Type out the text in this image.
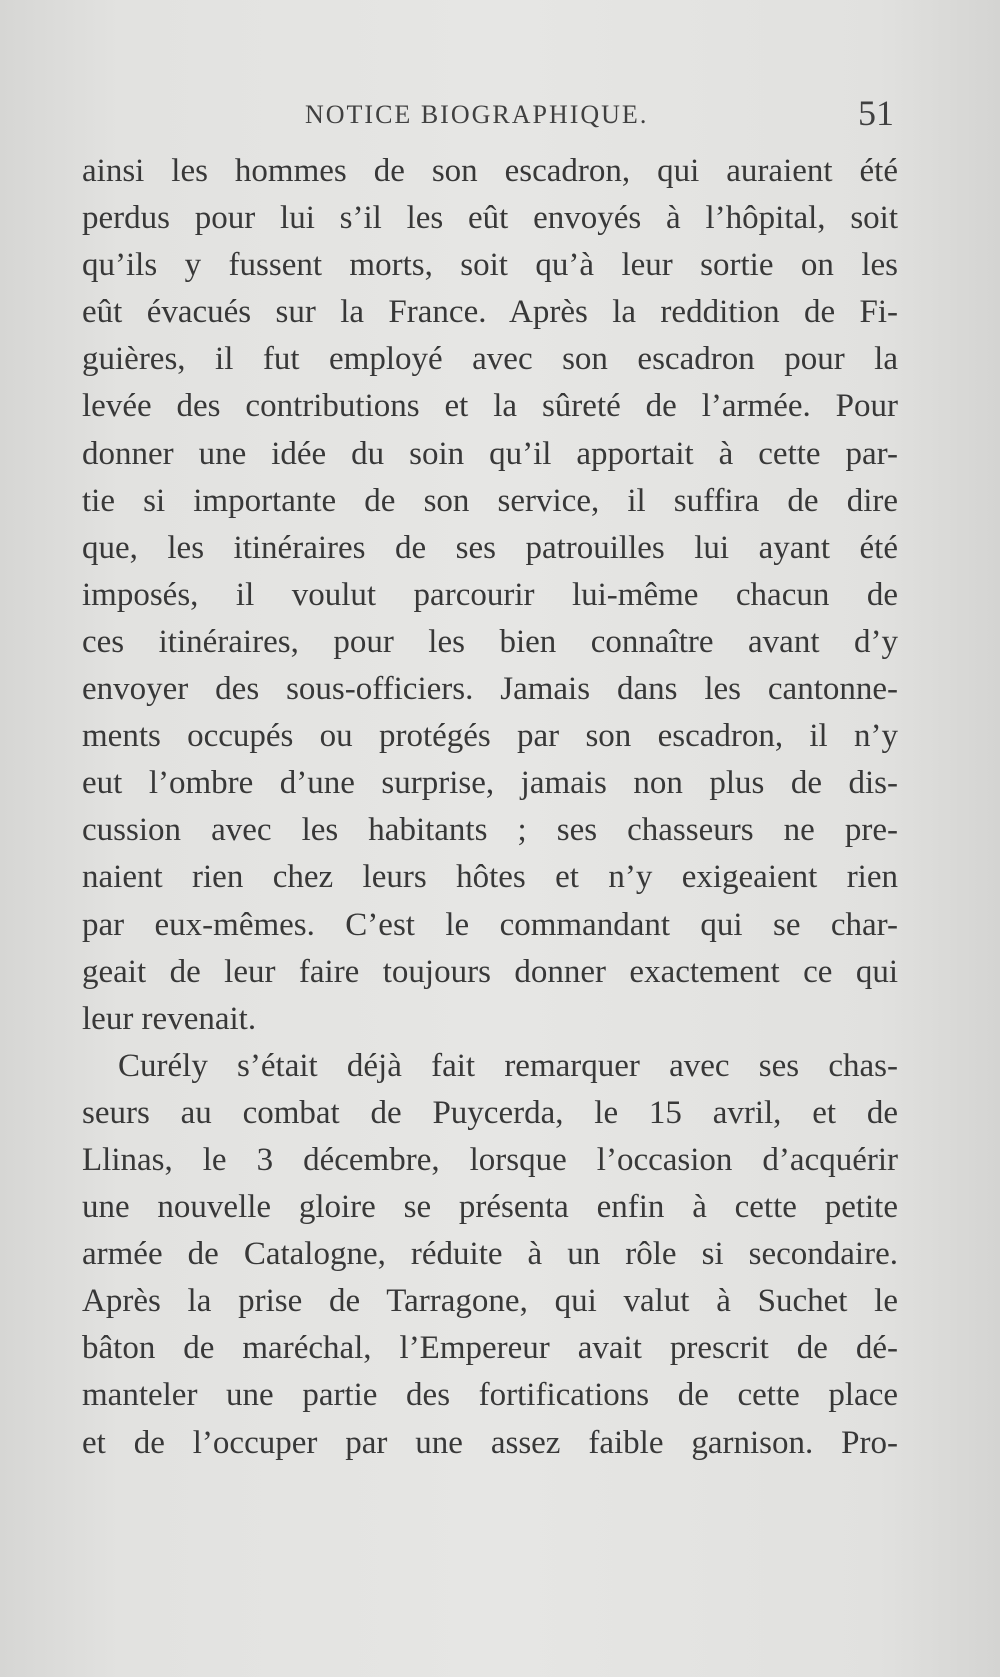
NOTICE BIOGRAPHIQUE.	51
ainsi les hommes de son escadron, qui auraient été
perdus pour lui s’il les eût envoyés à l’hôpital, soit
qu’ils y fussent morts, soit qu’à leur sortie on les
eût évacués sur la France. Après la reddition de Fi-
guières, il fut employé avec son escadron pour la
levée des contributions et la sûreté de l’armée. Pour
donner une idée du soin qu’il apportait à cette par-
tie si importante de son service, il suffira de dire
que, les itinéraires de ses patrouilles lui ayant été
imposés, il voulut parcourir lui-même chacun de
ces itinéraires, pour les bien connaître avant d’y
envoyer des sous-officiers. Jamais dans les cantonne-
ments occupés ou protégés par son escadron, il n’y
eut l’ombre d’une surprise, jamais non plus de dis-
cussion avec les habitants ; ses chasseurs ne pre-
naient rien chez leurs hôtes et n’y exigeaient rien
par eux-mêmes. C’est le commandant qui se char-
geait de leur faire toujours donner exactement ce qui
leur revenait.
Curély s’était déjà fait remarquer avec ses chas-
seurs au combat de Puycerda, le 15 avril, et de
Llinas, le 3 décembre, lorsque l’occasion d’acquérir
une nouvelle gloire se présenta enfin à cette petite
armée de Catalogne, réduite à un rôle si secondaire.
Après la prise de Tarragone, qui valut à Suchet le
bâton de maréchal, l’Empereur avait prescrit de dé-
manteler une partie des fortifications de cette place
et de l’occuper par une assez faible garnison. Pro-
